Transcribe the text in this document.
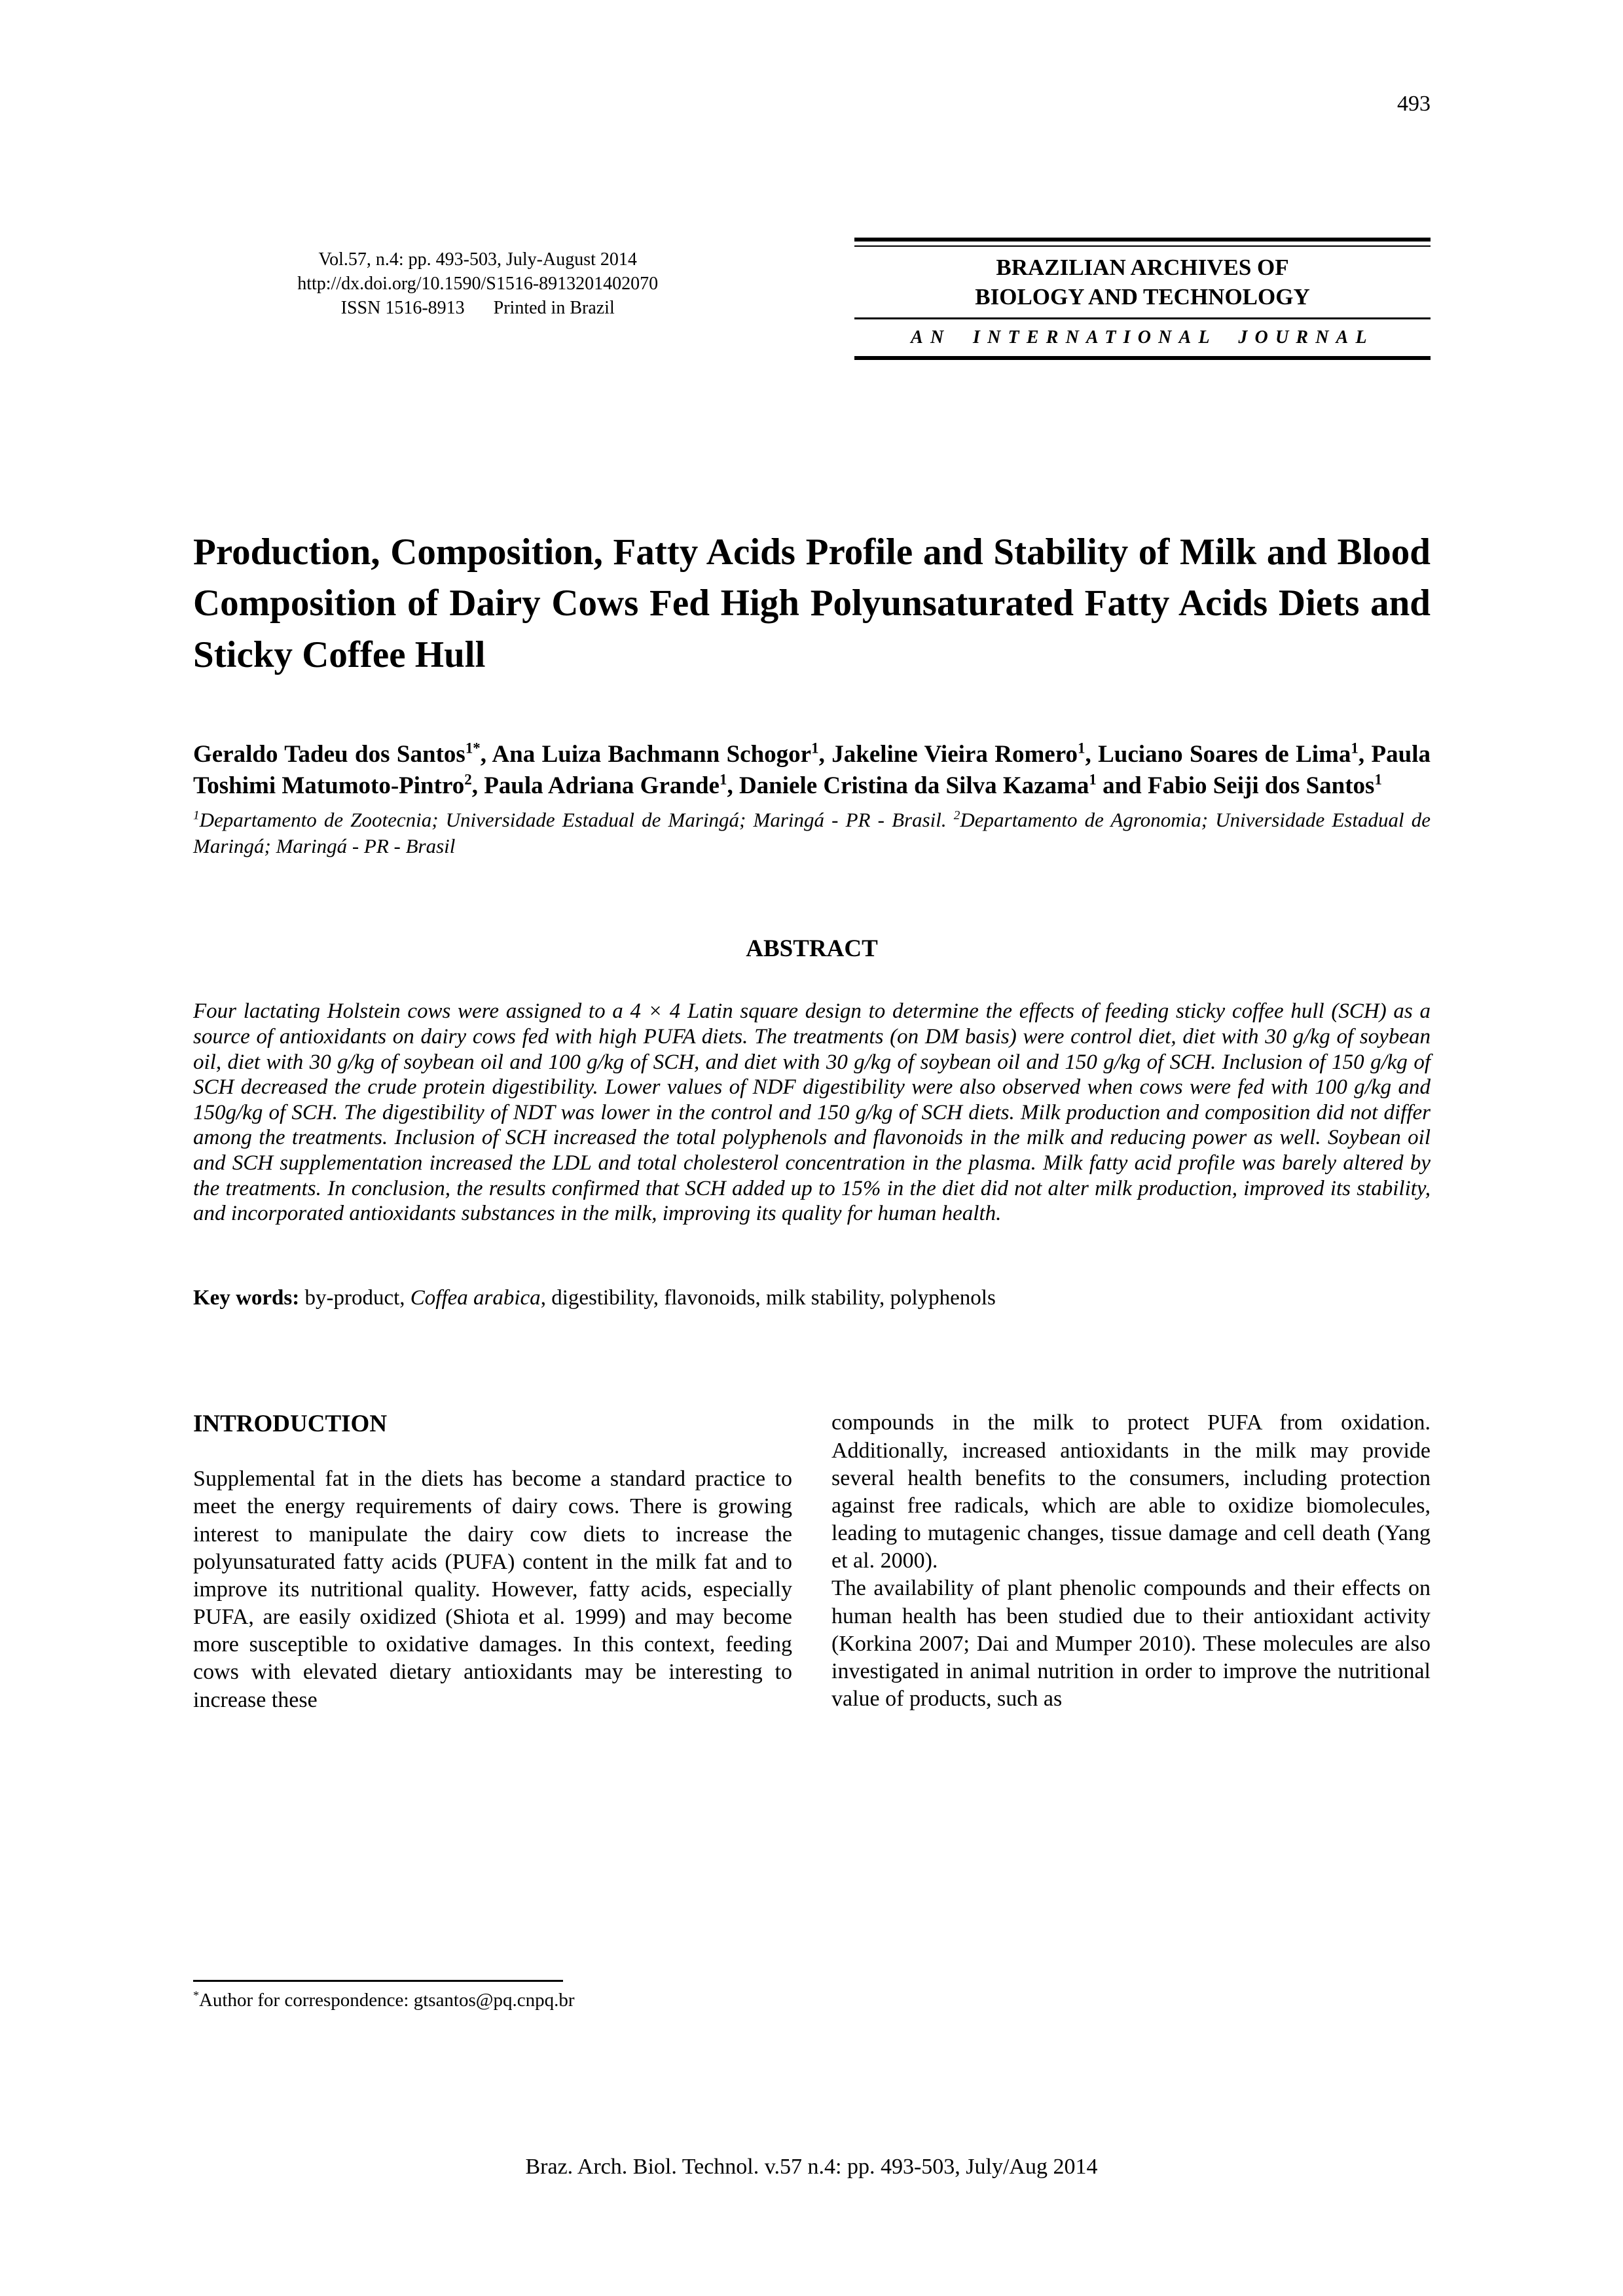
493
Vol.57, n.4: pp. 493-503, July-August 2014
http://dx.doi.org/10.1590/S1516-8913201402070
ISSN 1516-8913 Printed in Brazil
BRAZILIAN ARCHIVES OF
BIOLOGY AND TECHNOLOGY
AN INTERNATIONAL JOURNAL
Production, Composition, Fatty Acids Profile and Stability of Milk and Blood Composition of Dairy Cows Fed High Polyunsaturated Fatty Acids Diets and Sticky Coffee Hull
Geraldo Tadeu dos Santos$^{1*}$, Ana Luiza Bachmann Schogor$^1$, Jakeline Vieira Romero$^1$, Luciano Soares de Lima$^1$, Paula Toshimi Matumoto-Pintro$^2$, Paula Adriana Grande$^1$, Daniele Cristina da Silva Kazama$^1$ and Fabio Seiji dos Santos$^1$
$^1$Departamento de Zootecnia; Universidade Estadual de Maringá; Maringá - PR - Brasil. $^2$Departamento de Agronomia; Universidade Estadual de Maringá; Maringá - PR - Brasil
ABSTRACT

Four lactating Holstein cows were assigned to a 4 × 4 Latin square design to determine the effects of feeding sticky coffee hull (SCH) as a source of antioxidants on dairy cows fed with high PUFA diets. The treatments (on DM basis) were control diet, diet with 30 g/kg of soybean oil, diet with 30 g/kg of soybean oil and 100 g/kg of SCH, and diet with 30 g/kg of soybean oil and 150 g/kg of SCH. Inclusion of 150 g/kg of SCH decreased the crude protein digestibility. Lower values of NDF digestibility were also observed when cows were fed with 100 g/kg and 150g/kg of SCH. The digestibility of NDT was lower in the control and 150 g/kg of SCH diets. Milk production and composition did not differ among the treatments. Inclusion of SCH increased the total polyphenols and flavonoids in the milk and reducing power as well. Soybean oil and SCH supplementation increased the LDL and total cholesterol concentration in the plasma. Milk fatty acid profile was barely altered by the treatments. In conclusion, the results confirmed that SCH added up to 15% in the diet did not alter milk production, improved its stability, and incorporated antioxidants substances in the milk, improving its quality for human health.

Key words: by-product, Coffea arabica, digestibility, flavonoids, milk stability, polyphenols

INTRODUCTION

Supplemental fat in the diets has become a standard practice to meet the energy requirements of dairy cows. There is growing interest to manipulate the dairy cow diets to increase the polyunsaturated fatty acids (PUFA) content in the milk fat and to improve its nutritional quality. However, fatty acids, especially PUFA, are easily oxidized (Shiota et al. 1999) and may become more susceptible to oxidative damages. In this context, feeding cows with elevated dietary antioxidants may be interesting to increase these

compounds in the milk to protect PUFA from oxidation. Additionally, increased antioxidants in the milk may provide several health benefits to the consumers, including protection against free radicals, which are able to oxidize biomolecules, leading to mutagenic changes, tissue damage and cell death (Yang et al. 2000).

The availability of plant phenolic compounds and their effects on human health has been studied due to their antioxidant activity (Korkina 2007; Dai and Mumper 2010). These molecules are also investigated in animal nutrition in order to improve the nutritional value of products, such as

*Author for correspondence: gtsantos@pq.cnpq.br
Braz. Arch. Biol. Technol. v.57 n.4: pp. 493-503, July/Aug 2014
